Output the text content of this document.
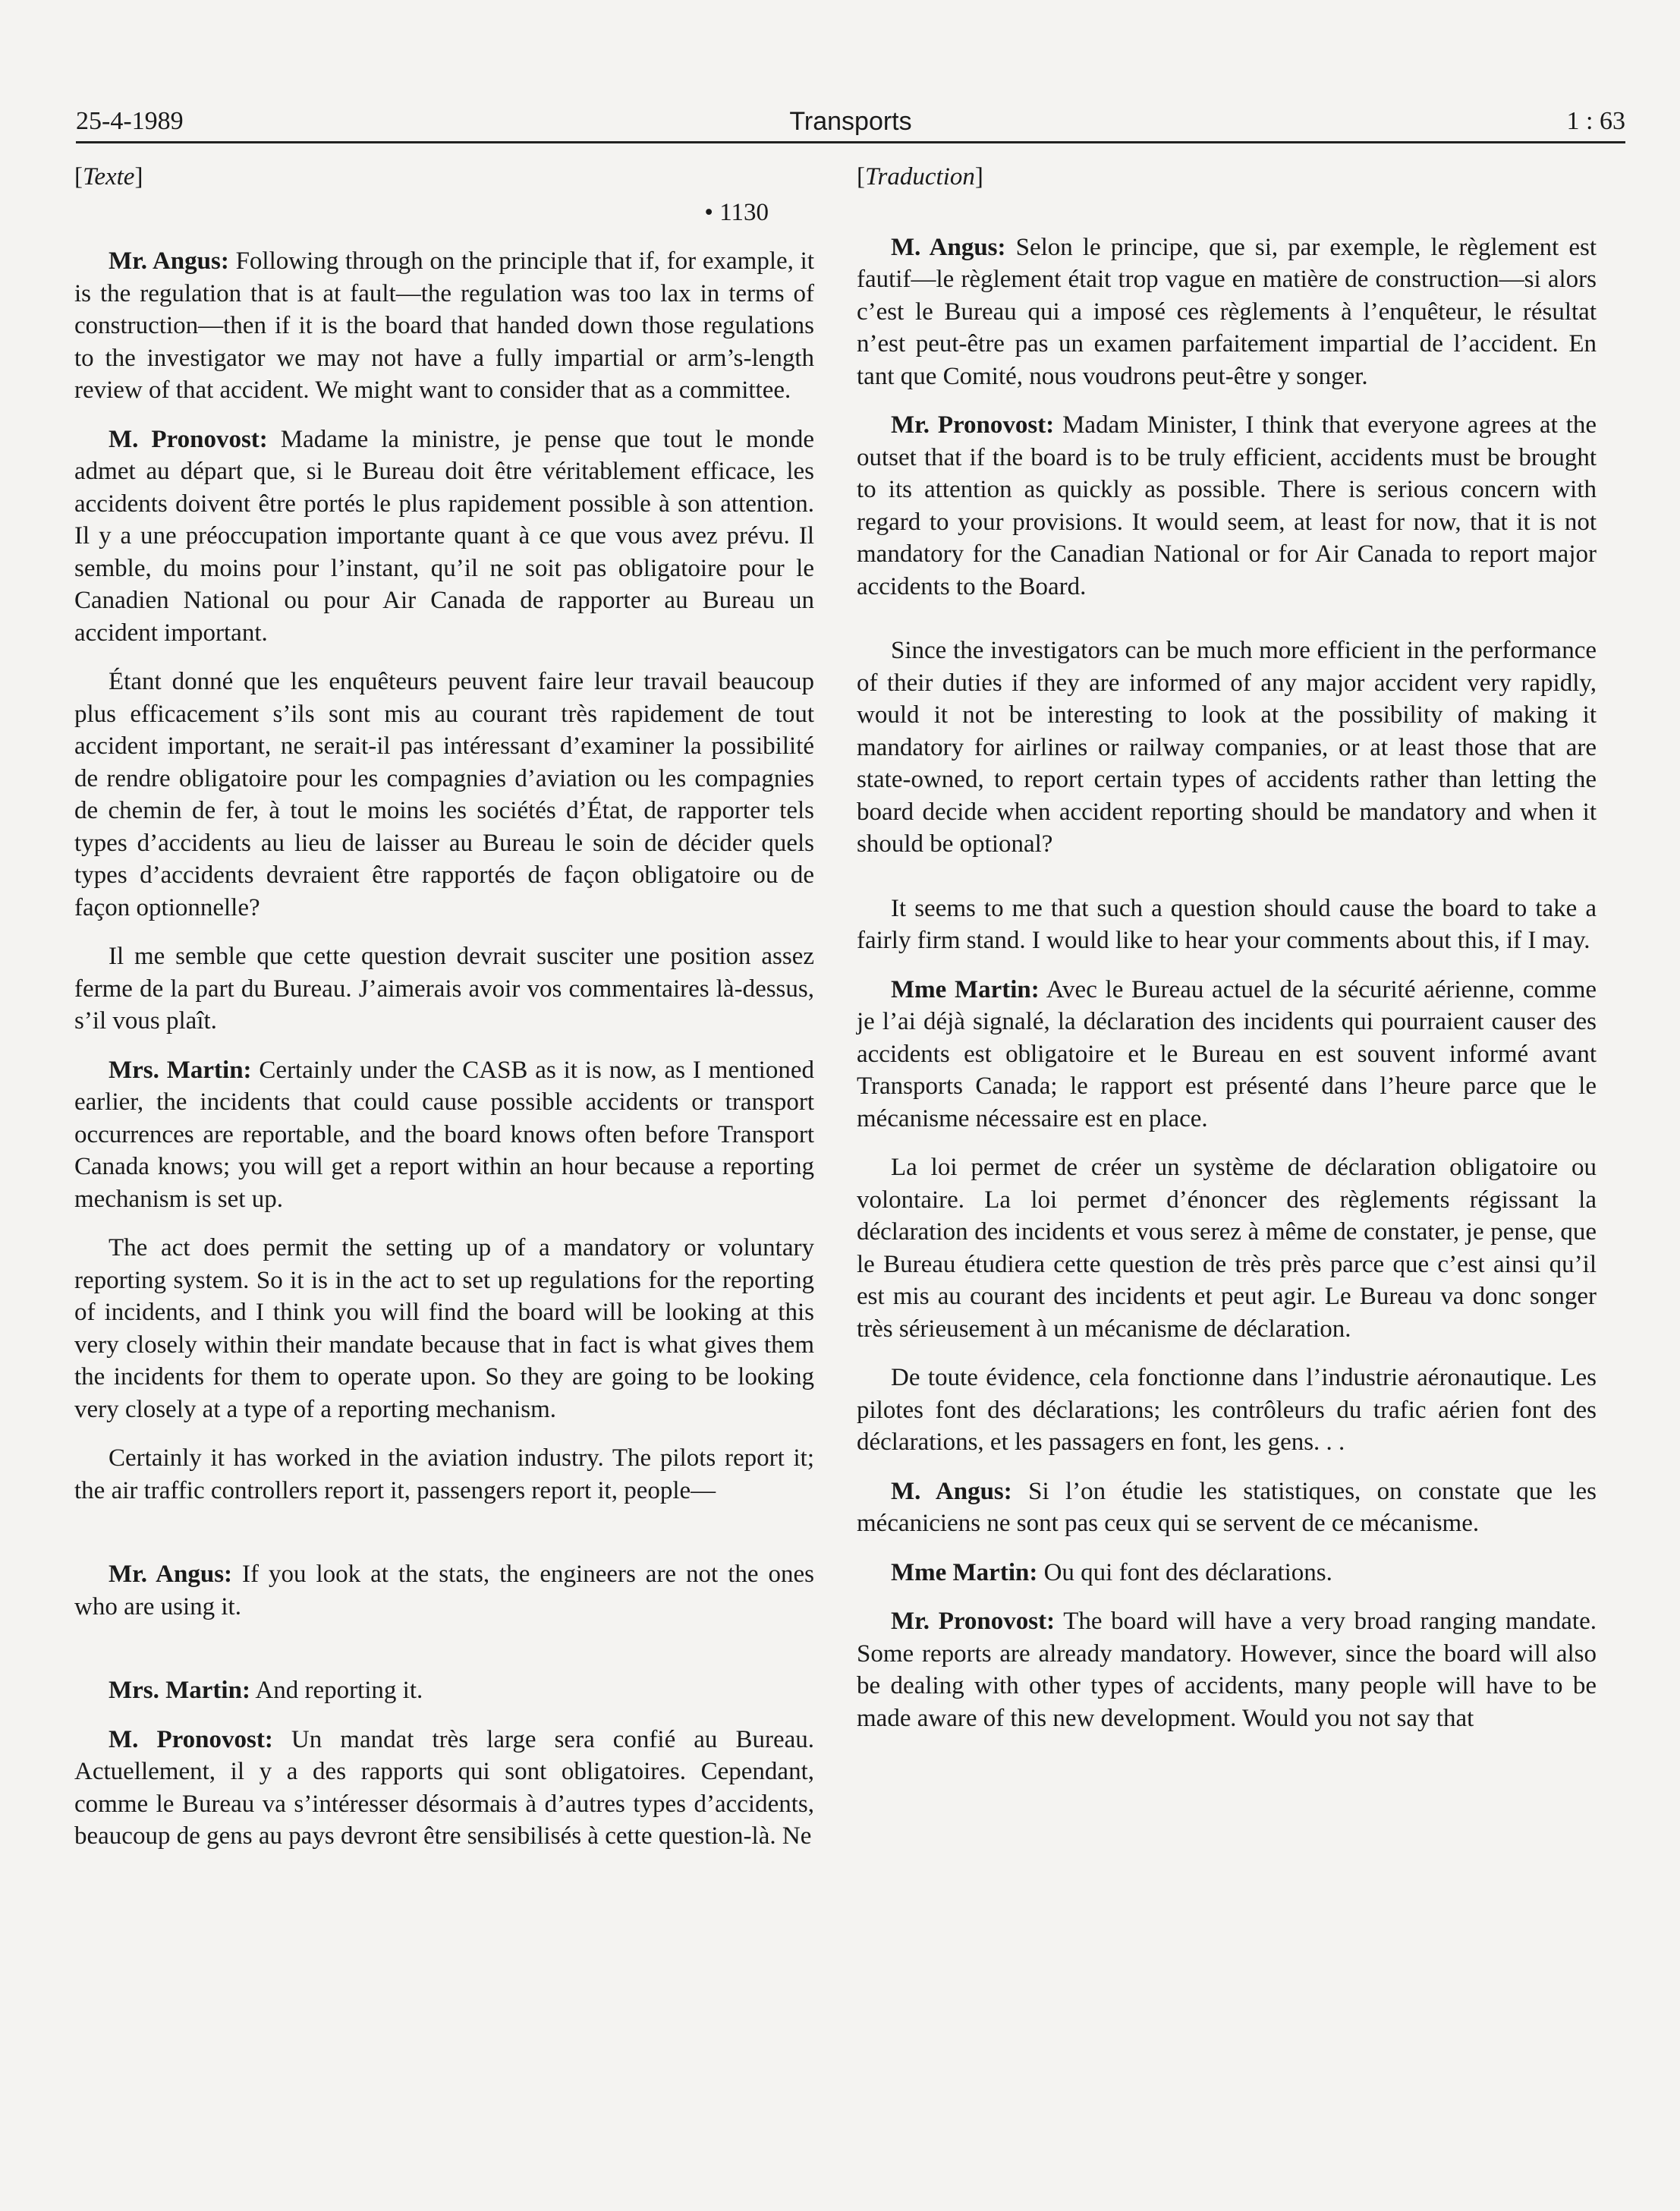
25-4-1989	Transports	1 : 63

[Texte]

• 1130

Mr. Angus: Following through on the principle that if, for example, it is the regulation that is at fault—the regulation was too lax in terms of construction—then if it is the board that handed down those regulations to the investigator we may not have a fully impartial or arm’s-length review of that accident. We might want to consider that as a committee.

M. Pronovost: Madame la ministre, je pense que tout le monde admet au départ que, si le Bureau doit être véritablement efficace, les accidents doivent être portés le plus rapidement possible à son attention. Il y a une préoccupation importante quant à ce que vous avez prévu. Il semble, du moins pour l’instant, qu’il ne soit pas obligatoire pour le Canadien National ou pour Air Canada de rapporter au Bureau un accident important.

Étant donné que les enquêteurs peuvent faire leur travail beaucoup plus efficacement s’ils sont mis au courant très rapidement de tout accident important, ne serait-il pas intéressant d’examiner la possibilité de rendre obligatoire pour les compagnies d’aviation ou les compagnies de chemin de fer, à tout le moins les sociétés d’État, de rapporter tels types d’accidents au lieu de laisser au Bureau le soin de décider quels types d’accidents devraient être rapportés de façon obligatoire ou de façon optionnelle?

Il me semble que cette question devrait susciter une position assez ferme de la part du Bureau. J’aimerais avoir vos commentaires là-dessus, s’il vous plaît.

Mrs. Martin: Certainly under the CASB as it is now, as I mentioned earlier, the incidents that could cause possible accidents or transport occurrences are reportable, and the board knows often before Transport Canada knows; you will get a report within an hour because a reporting mechanism is set up.

The act does permit the setting up of a mandatory or voluntary reporting system. So it is in the act to set up regulations for the reporting of incidents, and I think you will find the board will be looking at this very closely within their mandate because that in fact is what gives them the incidents for them to operate upon. So they are going to be looking very closely at a type of a reporting mechanism.

Certainly it has worked in the aviation industry. The pilots report it; the air traffic controllers report it, passengers report it, people—

Mr. Angus: If you look at the stats, the engineers are not the ones who are using it.

Mrs. Martin: And reporting it.

M. Pronovost: Un mandat très large sera confié au Bureau. Actuellement, il y a des rapports qui sont obligatoires. Cependant, comme le Bureau va s’intéresser désormais à d’autres types d’accidents, beaucoup de gens au pays devront être sensibilisés à cette question-là. Ne

[Traduction]

M. Angus: Selon le principe, que si, par exemple, le règlement est fautif—le règlement était trop vague en matière de construction—si alors c’est le Bureau qui a imposé ces règlements à l’enquêteur, le résultat n’est peut-être pas un examen parfaitement impartial de l’accident. En tant que Comité, nous voudrons peut-être y songer.

Mr. Pronovost: Madam Minister, I think that everyone agrees at the outset that if the board is to be truly efficient, accidents must be brought to its attention as quickly as possible. There is serious concern with regard to your provisions. It would seem, at least for now, that it is not mandatory for the Canadian National or for Air Canada to report major accidents to the Board.

Since the investigators can be much more efficient in the performance of their duties if they are informed of any major accident very rapidly, would it not be interesting to look at the possibility of making it mandatory for airlines or railway companies, or at least those that are state-owned, to report certain types of accidents rather than letting the board decide when accident reporting should be mandatory and when it should be optional?

It seems to me that such a question should cause the board to take a fairly firm stand. I would like to hear your comments about this, if I may.

Mme Martin: Avec le Bureau actuel de la sécurité aérienne, comme je l’ai déjà signalé, la déclaration des incidents qui pourraient causer des accidents est obligatoire et le Bureau en est souvent informé avant Transports Canada; le rapport est présenté dans l’heure parce que le mécanisme nécessaire est en place.

La loi permet de créer un système de déclaration obligatoire ou volontaire. La loi permet d’énoncer des règlements régissant la déclaration des incidents et vous serez à même de constater, je pense, que le Bureau étudiera cette question de très près parce que c’est ainsi qu’il est mis au courant des incidents et peut agir. Le Bureau va donc songer très sérieusement à un mécanisme de déclaration.

De toute évidence, cela fonctionne dans l’industrie aéronautique. Les pilotes font des déclarations; les contrôleurs du trafic aérien font des déclarations, et les passagers en font, les gens. . .

M. Angus: Si l’on étudie les statistiques, on constate que les mécaniciens ne sont pas ceux qui se servent de ce mécanisme.

Mme Martin: Ou qui font des déclarations.

Mr. Pronovost: The board will have a very broad ranging mandate. Some reports are already mandatory. However, since the board will also be dealing with other types of accidents, many people will have to be made aware of this new development. Would you not say that
